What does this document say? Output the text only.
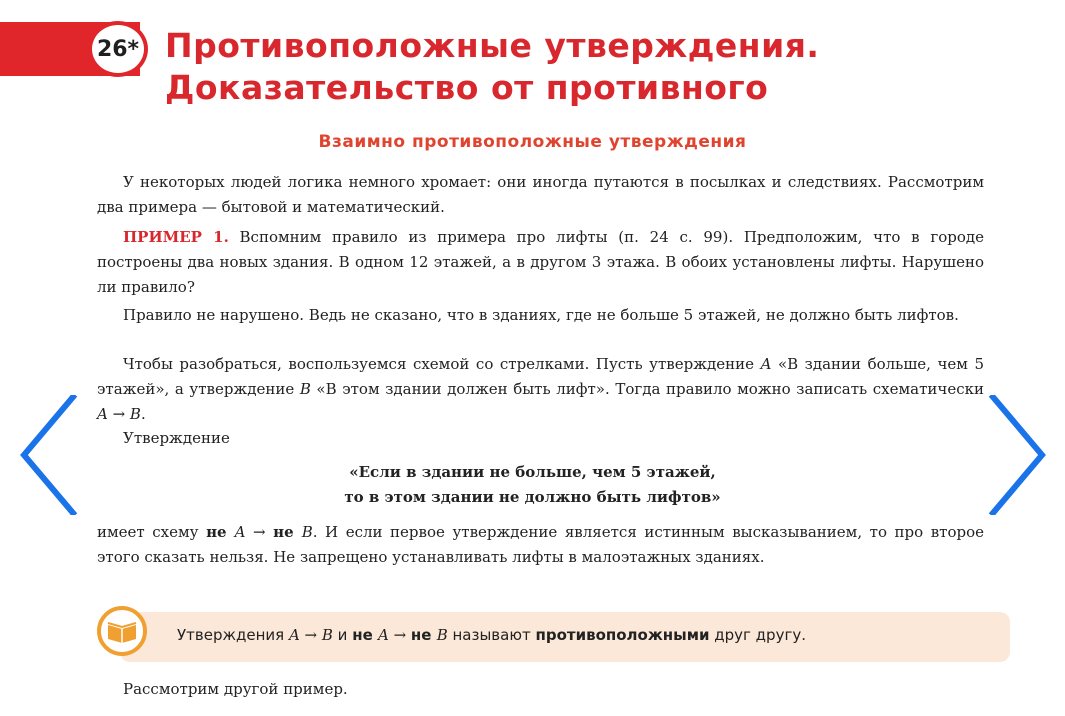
26* Противоположные утверждения.
Доказательство от противного
Взаимно противоположные утверждения
У некоторых людей логика немного хромает: они иногда путаются в посылках и следствиях. Рассмотрим два примера — бытовой и математический.
ПРИМЕР 1. Вспомним правило из примера про лифты (п. 24 с. 99). Предположим, что в городе построены два новых здания. В одном 12 этажей, а в другом 3 этажа. В обоих установлены лифты. Нарушено ли правило?
Правило не нарушено. Ведь не сказано, что в зданиях, где не больше 5 этажей, не должно быть лифтов.
Чтобы разобраться, воспользуемся схемой со стрелками. Пусть утверждение A «В здании больше, чем 5 этажей», а утверждение B «В этом здании должен быть лифт». Тогда правило можно записать схематически A → B.
Утверждение
«Если в здании не больше, чем 5 этажей,
то в этом здании не должно быть лифтов»
имеет схему не A → не B. И если первое утверждение является истинным высказыванием, то про второе этого сказать нельзя. Не запрещено устанавливать лифты в малоэтажных зданиях.
Утверждения A → B и не A → не B называют противоположными друг другу.
Рассмотрим другой пример.
